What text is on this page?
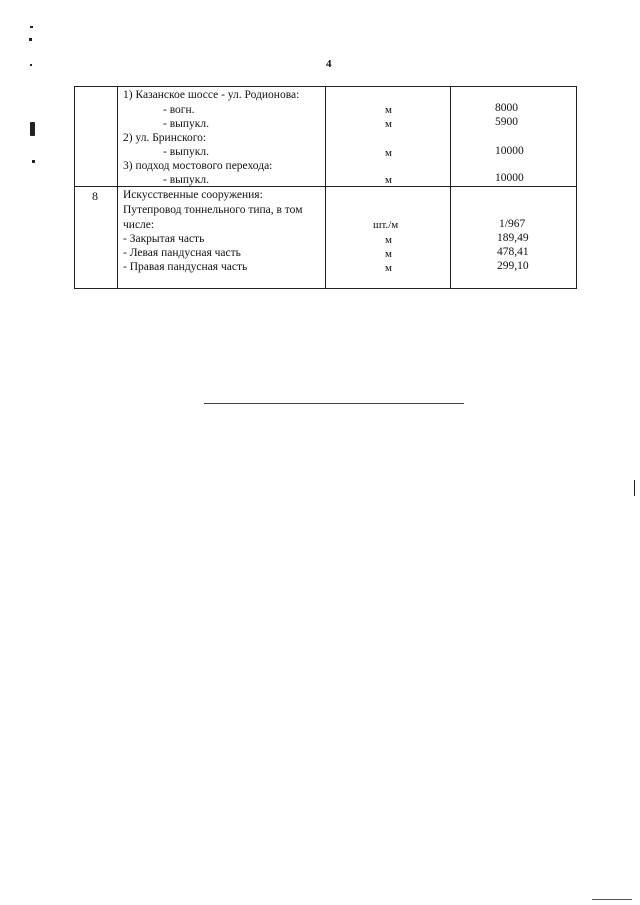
4
1) Казанское шоссе - ул. Родионова:
- вогн.	м	8000
- выпукл.	м	5900
2) ул. Бринского:
- выпукл.	м	10000
3) подход мостового перехода:
- выпукл.	м	10000
8 Искусственные сооружения:
Путепровод тоннельного типа, в том
числе:	шт./м	1/967
- Закрытая часть	м	189,49
- Левая пандусная часть	м	478,41
- Правая пандусная часть	м	299,10
